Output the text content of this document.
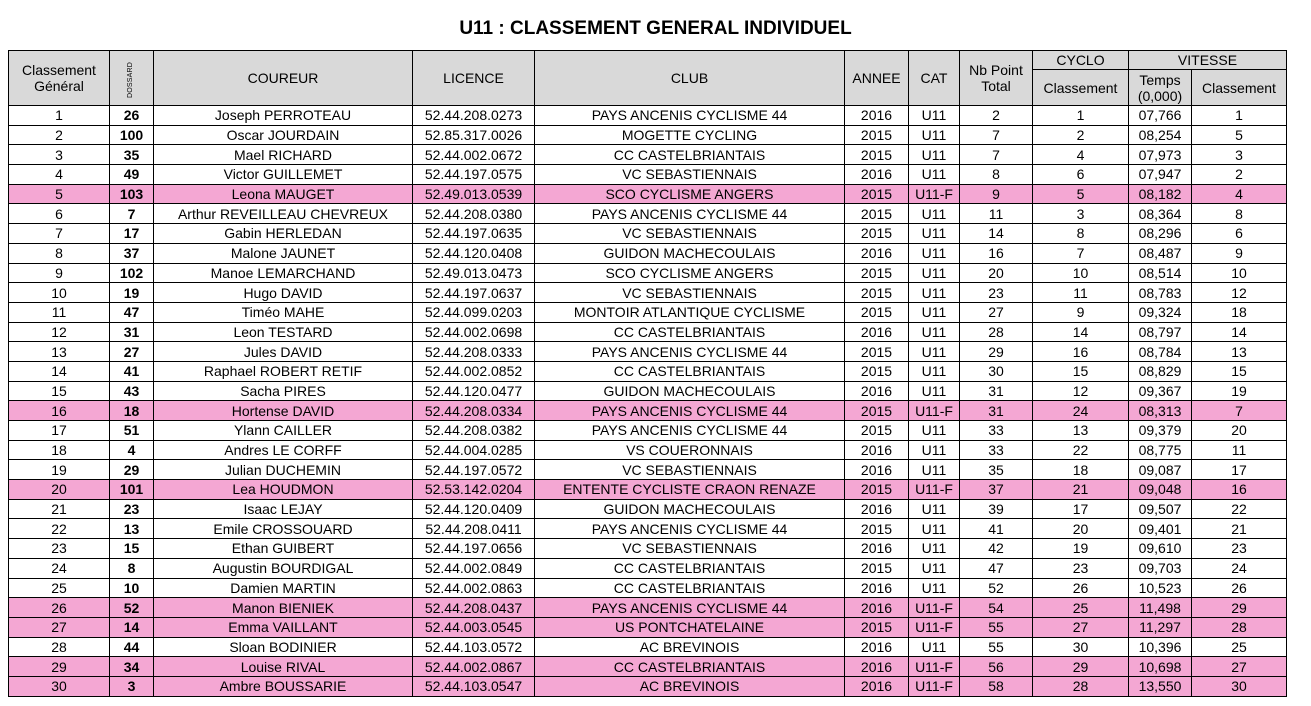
U11 : CLASSEMENT GENERAL INDIVIDUEL
Classement Général	DOSSARD	COUREUR	LICENCE	CLUB	ANNEE	CAT	Nb Point Total	CYCLO	VITESSE	
								Classement	Temps (0,000)	Classement
1	26	Joseph PERROTEAU	52.44.208.0273	PAYS ANCENIS CYCLISME 44	2016	U11	2	1	07,766	1
2	100	Oscar JOURDAIN	52.85.317.0026	MOGETTE CYCLING	2015	U11	7	2	08,254	5
3	35	Mael RICHARD	52.44.002.0672	CC CASTELBRIANTAIS	2015	U11	7	4	07,973	3
4	49	Victor GUILLEMET	52.44.197.0575	VC SEBASTIENNAIS	2016	U11	8	6	07,947	2
5	103	Leona MAUGET	52.49.013.0539	SCO CYCLISME ANGERS	2015	U11-F	9	5	08,182	4
6	7	Arthur REVEILLEAU CHEVREUX	52.44.208.0380	PAYS ANCENIS CYCLISME 44	2015	U11	11	3	08,364	8
7	17	Gabin HERLEDAN	52.44.197.0635	VC SEBASTIENNAIS	2015	U11	14	8	08,296	6
8	37	Malone JAUNET	52.44.120.0408	GUIDON MACHECOULAIS	2016	U11	16	7	08,487	9
9	102	Manoe LEMARCHAND	52.49.013.0473	SCO CYCLISME ANGERS	2015	U11	20	10	08,514	10
10	19	Hugo DAVID	52.44.197.0637	VC SEBASTIENNAIS	2015	U11	23	11	08,783	12
11	47	Timéo MAHE	52.44.099.0203	MONTOIR ATLANTIQUE CYCLISME	2015	U11	27	9	09,324	18
12	31	Leon TESTARD	52.44.002.0698	CC CASTELBRIANTAIS	2016	U11	28	14	08,797	14
13	27	Jules DAVID	52.44.208.0333	PAYS ANCENIS CYCLISME 44	2015	U11	29	16	08,784	13
14	41	Raphael ROBERT RETIF	52.44.002.0852	CC CASTELBRIANTAIS	2015	U11	30	15	08,829	15
15	43	Sacha PIRES	52.44.120.0477	GUIDON MACHECOULAIS	2016	U11	31	12	09,367	19
16	18	Hortense DAVID	52.44.208.0334	PAYS ANCENIS CYCLISME 44	2015	U11-F	31	24	08,313	7
17	51	Ylann CAILLER	52.44.208.0382	PAYS ANCENIS CYCLISME 44	2015	U11	33	13	09,379	20
18	4	Andres LE CORFF	52.44.004.0285	VS COUERONNAIS	2016	U11	33	22	08,775	11
19	29	Julian DUCHEMIN	52.44.197.0572	VC SEBASTIENNAIS	2016	U11	35	18	09,087	17
20	101	Lea HOUDMON	52.53.142.0204	ENTENTE CYCLISTE CRAON RENAZE	2015	U11-F	37	21	09,048	16
21	23	Isaac LEJAY	52.44.120.0409	GUIDON MACHECOULAIS	2016	U11	39	17	09,507	22
22	13	Emile CROSSOUARD	52.44.208.0411	PAYS ANCENIS CYCLISME 44	2015	U11	41	20	09,401	21
23	15	Ethan GUIBERT	52.44.197.0656	VC SEBASTIENNAIS	2016	U11	42	19	09,610	23
24	8	Augustin BOURDIGAL	52.44.002.0849	CC CASTELBRIANTAIS	2015	U11	47	23	09,703	24
25	10	Damien MARTIN	52.44.002.0863	CC CASTELBRIANTAIS	2016	U11	52	26	10,523	26
26	52	Manon BIENIEK	52.44.208.0437	PAYS ANCENIS CYCLISME 44	2016	U11-F	54	25	11,498	29
27	14	Emma VAILLANT	52.44.003.0545	US PONTCHATELAINE	2015	U11-F	55	27	11,297	28
28	44	Sloan BODINIER	52.44.103.0572	AC BREVINOIS	2016	U11	55	30	10,396	25
29	34	Louise RIVAL	52.44.002.0867	CC CASTELBRIANTAIS	2016	U11-F	56	29	10,698	27
30	3	Ambre BOUSSARIE	52.44.103.0547	AC BREVINOIS	2016	U11-F	58	28	13,550	30
